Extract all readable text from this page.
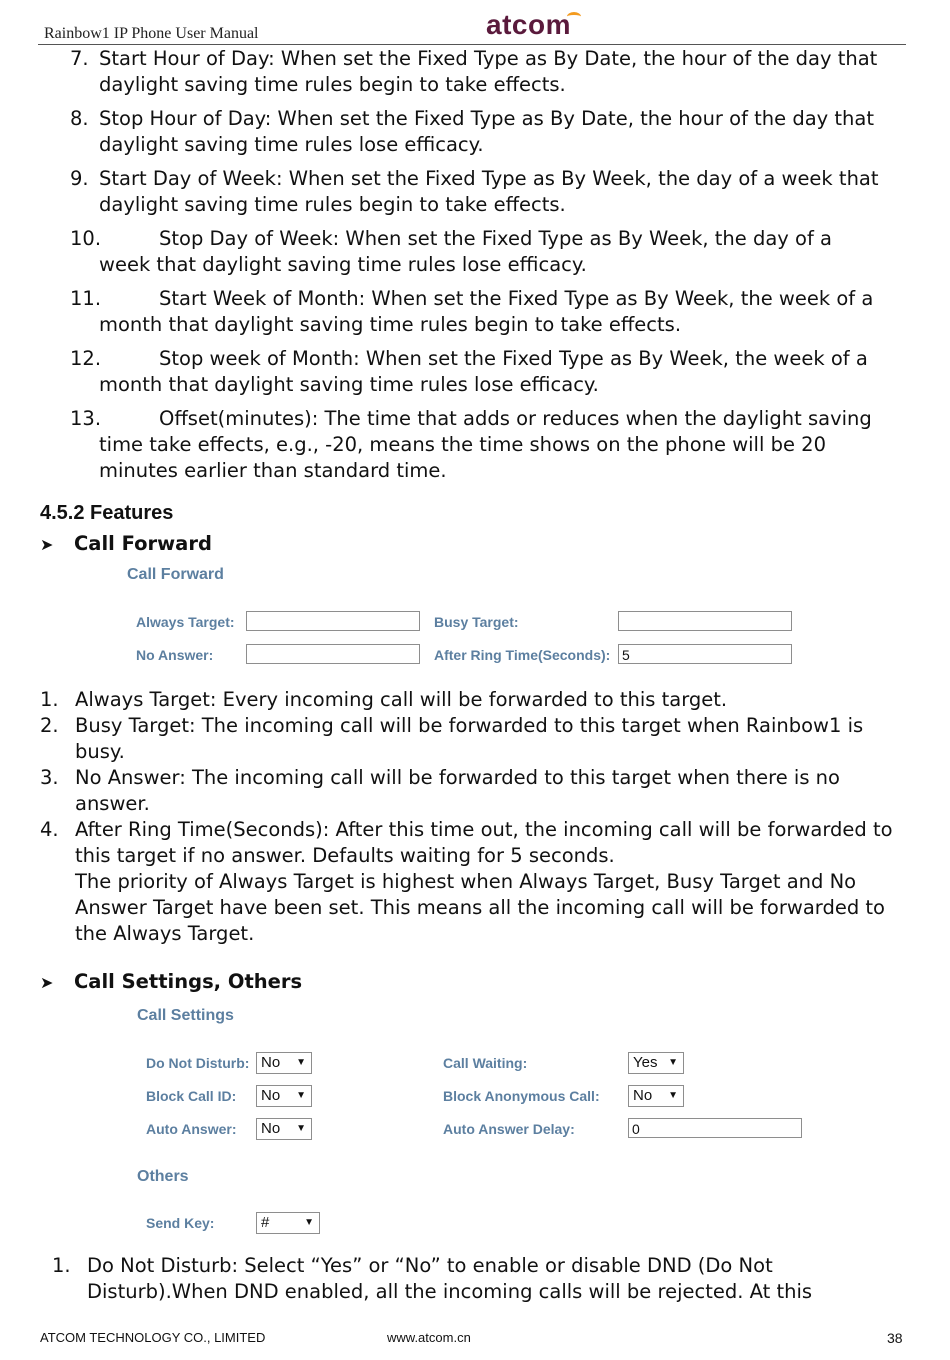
Rainbow1 IP Phone User Manual	atcom
7. Start Hour of Day: When set the Fixed Type as By Date, the hour of the day that daylight saving time rules begin to take effects.
8. Stop Hour of Day: When set the Fixed Type as By Date, the hour of the day that daylight saving time rules lose efficacy.
9. Start Day of Week: When set the Fixed Type as By Week, the day of a week that daylight saving time rules begin to take effects.
10.	Stop Day of Week: When set the Fixed Type as By Week, the day of a
week that daylight saving time rules lose efficacy.
11.	Start Week of Month: When set the Fixed Type as By Week, the week of a
month that daylight saving time rules begin to take effects.
12.	Stop week of Month: When set the Fixed Type as By Week, the week of a
month that daylight saving time rules lose efficacy.
13.	Offset(minutes): The time that adds or reduces when the daylight saving
time take effects, e.g., -20, means the time shows on the phone will be 20 minutes earlier than standard time.
4.5.2 Features
➤ Call Forward
Call Forward
Always Target:	Busy Target:
No Answer:	After Ring Time(Seconds): 5
1. Always Target: Every incoming call will be forwarded to this target.
2. Busy Target: The incoming call will be forwarded to this target when Rainbow1 is busy.
3. No Answer: The incoming call will be forwarded to this target when there is no answer.
4. After Ring Time(Seconds): After this time out, the incoming call will be forwarded to this target if no answer. Defaults waiting for 5 seconds.
The priority of Always Target is highest when Always Target, Busy Target and No Answer Target have been set. This means all the incoming call will be forwarded to the Always Target.
➤ Call Settings, Others
Call Settings
Do Not Disturb: No ▼	Call Waiting:	Yes ▼
Block Call ID:	No ▼	Block Anonymous Call:	No ▼
Auto Answer:	No ▼	Auto Answer Delay:	0
Others
Send Key:	#	▼
1. Do Not Disturb: Select “Yes” or “No” to enable or disable DND (Do Not Disturb).When DND enabled, all the incoming calls will be rejected. At this
ATCOM TECHNOLOGY CO., LIMITED	www.atcom.cn	38
